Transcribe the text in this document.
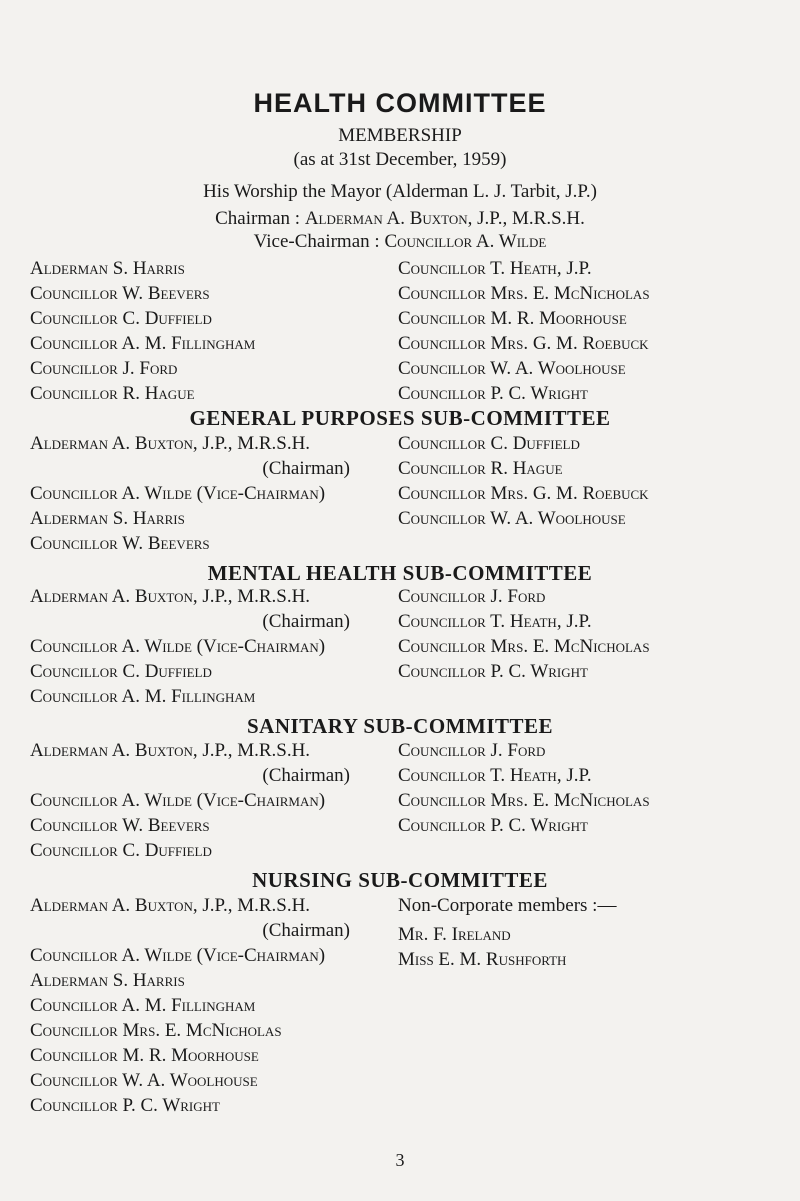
HEALTH COMMITTEE

MEMBERSHIP

(as at 31st December, 1959)

His Worship the Mayor (Alderman L. J. Tarbit, J.P.)

Chairman : Alderman A. Buxton, J.P., M.R.S.H.

Vice-Chairman : Councillor A. Wilde

Alderman S. Harris
Councillor W. Beevers
Councillor C. Duffield
Councillor A. M. Fillingham
Councillor J. Ford
Councillor R. Hague
Councillor T. Heath, J.P.
Councillor Mrs. E. McNicholas
Councillor M. R. Moorhouse
Councillor Mrs. G. M. Roebuck
Councillor W. A. Woolhouse
Councillor P. C. Wright
GENERAL PURPOSES SUB-COMMITTEE
Alderman A. Buxton, J.P., M.R.S.H.
(Chairman)
Councillor A. Wilde (Vice-Chairman)
Alderman S. Harris
Councillor W. Beevers
Councillor C. Duffield
Councillor R. Hague
Councillor Mrs. G. M. Roebuck
Councillor W. A. Woolhouse
MENTAL HEALTH SUB-COMMITTEE
Alderman A. Buxton, J.P., M.R.S.H.
(Chairman)
Councillor A. Wilde (Vice-Chairman)
Councillor C. Duffield
Councillor A. M. Fillingham
Councillor J. Ford
Councillor T. Heath, J.P.
Councillor Mrs. E. McNicholas
Councillor P. C. Wright
SANITARY SUB-COMMITTEE
Alderman A. Buxton, J.P., M.R.S.H.
(Chairman)
Councillor A. Wilde (Vice-Chairman)
Councillor W. Beevers
Councillor C. Duffield
Councillor J. Ford
Councillor T. Heath, J.P.
Councillor Mrs. E. McNicholas
Councillor P. C. Wright
NURSING SUB-COMMITTEE
Alderman A. Buxton, J.P., M.R.S.H.
(Chairman)
Councillor A. Wilde (Vice-Chairman)
Alderman S. Harris
Councillor A. M. Fillingham
Councillor Mrs. E. McNicholas
Councillor M. R. Moorhouse
Councillor W. A. Woolhouse
Councillor P. C. Wright
Non-Corporate members :—
Mr. F. Ireland
Miss E. M. Rushforth
3
